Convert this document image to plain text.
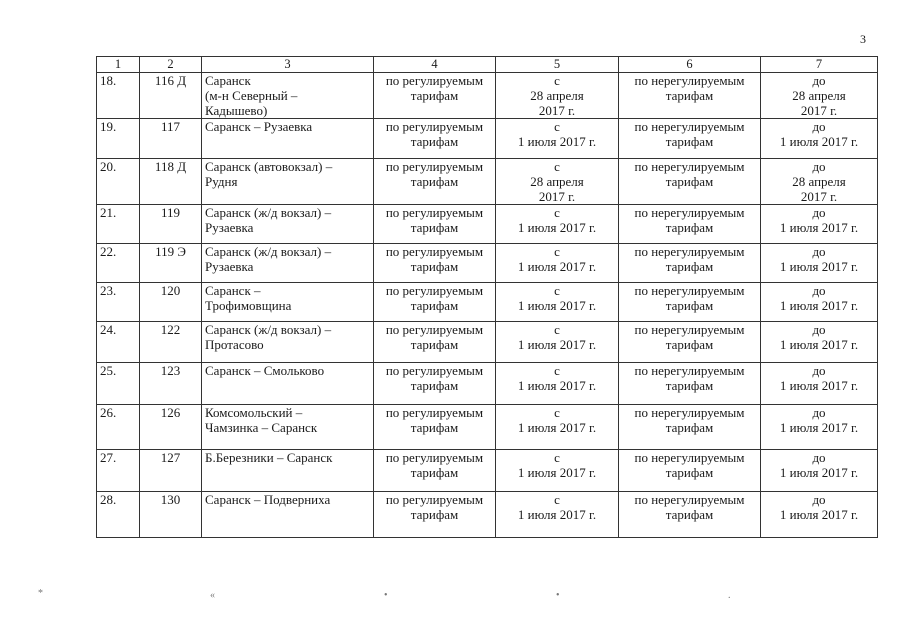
3
1	2	3	4	5	6	7
18.	116 Д	Саранск
(м-н Северный –
Кадышево)	по регулируемым
тарифам	с
28 апреля
2017 г.	по нерегулируемым
тарифам	до
28 апреля
2017 г.

19.	117	Саранск – Рузаевка	по регулируемым
тарифам	с
1 июля 2017 г.	по нерегулируемым
тарифам	до
1 июля 2017 г.

20.	118 Д	Саранск (автовокзал) –
Рудня	по регулируемым
тарифам	с
28 апреля
2017 г.	по нерегулируемым
тарифам	до
28 апреля
2017 г.

21.	119	Саранск (ж/д вокзал) –
Рузаевка	по регулируемым
тарифам	с
1 июля 2017 г.	по нерегулируемым
тарифам	до
1 июля 2017 г.

22.	119 Э	Саранск (ж/д вокзал) –
Рузаевка	по регулируемым
тарифам	с
1 июля 2017 г.	по нерегулируемым
тарифам	до
1 июля 2017 г.

23.	120	Саранск –
Трофимовщина	по регулируемым
тарифам	с
1 июля 2017 г.	по нерегулируемым
тарифам	до
1 июля 2017 г.

24.	122	Саранск (ж/д вокзал) –
Протасово	по регулируемым
тарифам	с
1 июля 2017 г.	по нерегулируемым
тарифам	до
1 июля 2017 г.

25.	123	Саранск – Смольково	по регулируемым
тарифам	с
1 июля 2017 г.	по нерегулируемым
тарифам	до
1 июля 2017 г.

26.	126	Комсомольский –
Чамзинка – Саранск	по регулируемым
тарифам	с
1 июля 2017 г.	по нерегулируемым
тарифам	до
1 июля 2017 г.

27.	127	Б.Березники – Саранск	по регулируемым
тарифам	с
1 июля 2017 г.	по нерегулируемым
тарифам	до
1 июля 2017 г.

28.	130	Саранск – Подверниха	по регулируемым
тарифам	с
1 июля 2017 г.	по нерегулируемым
тарифам	до
1 июля 2017 г.
*	«	•	•	.
